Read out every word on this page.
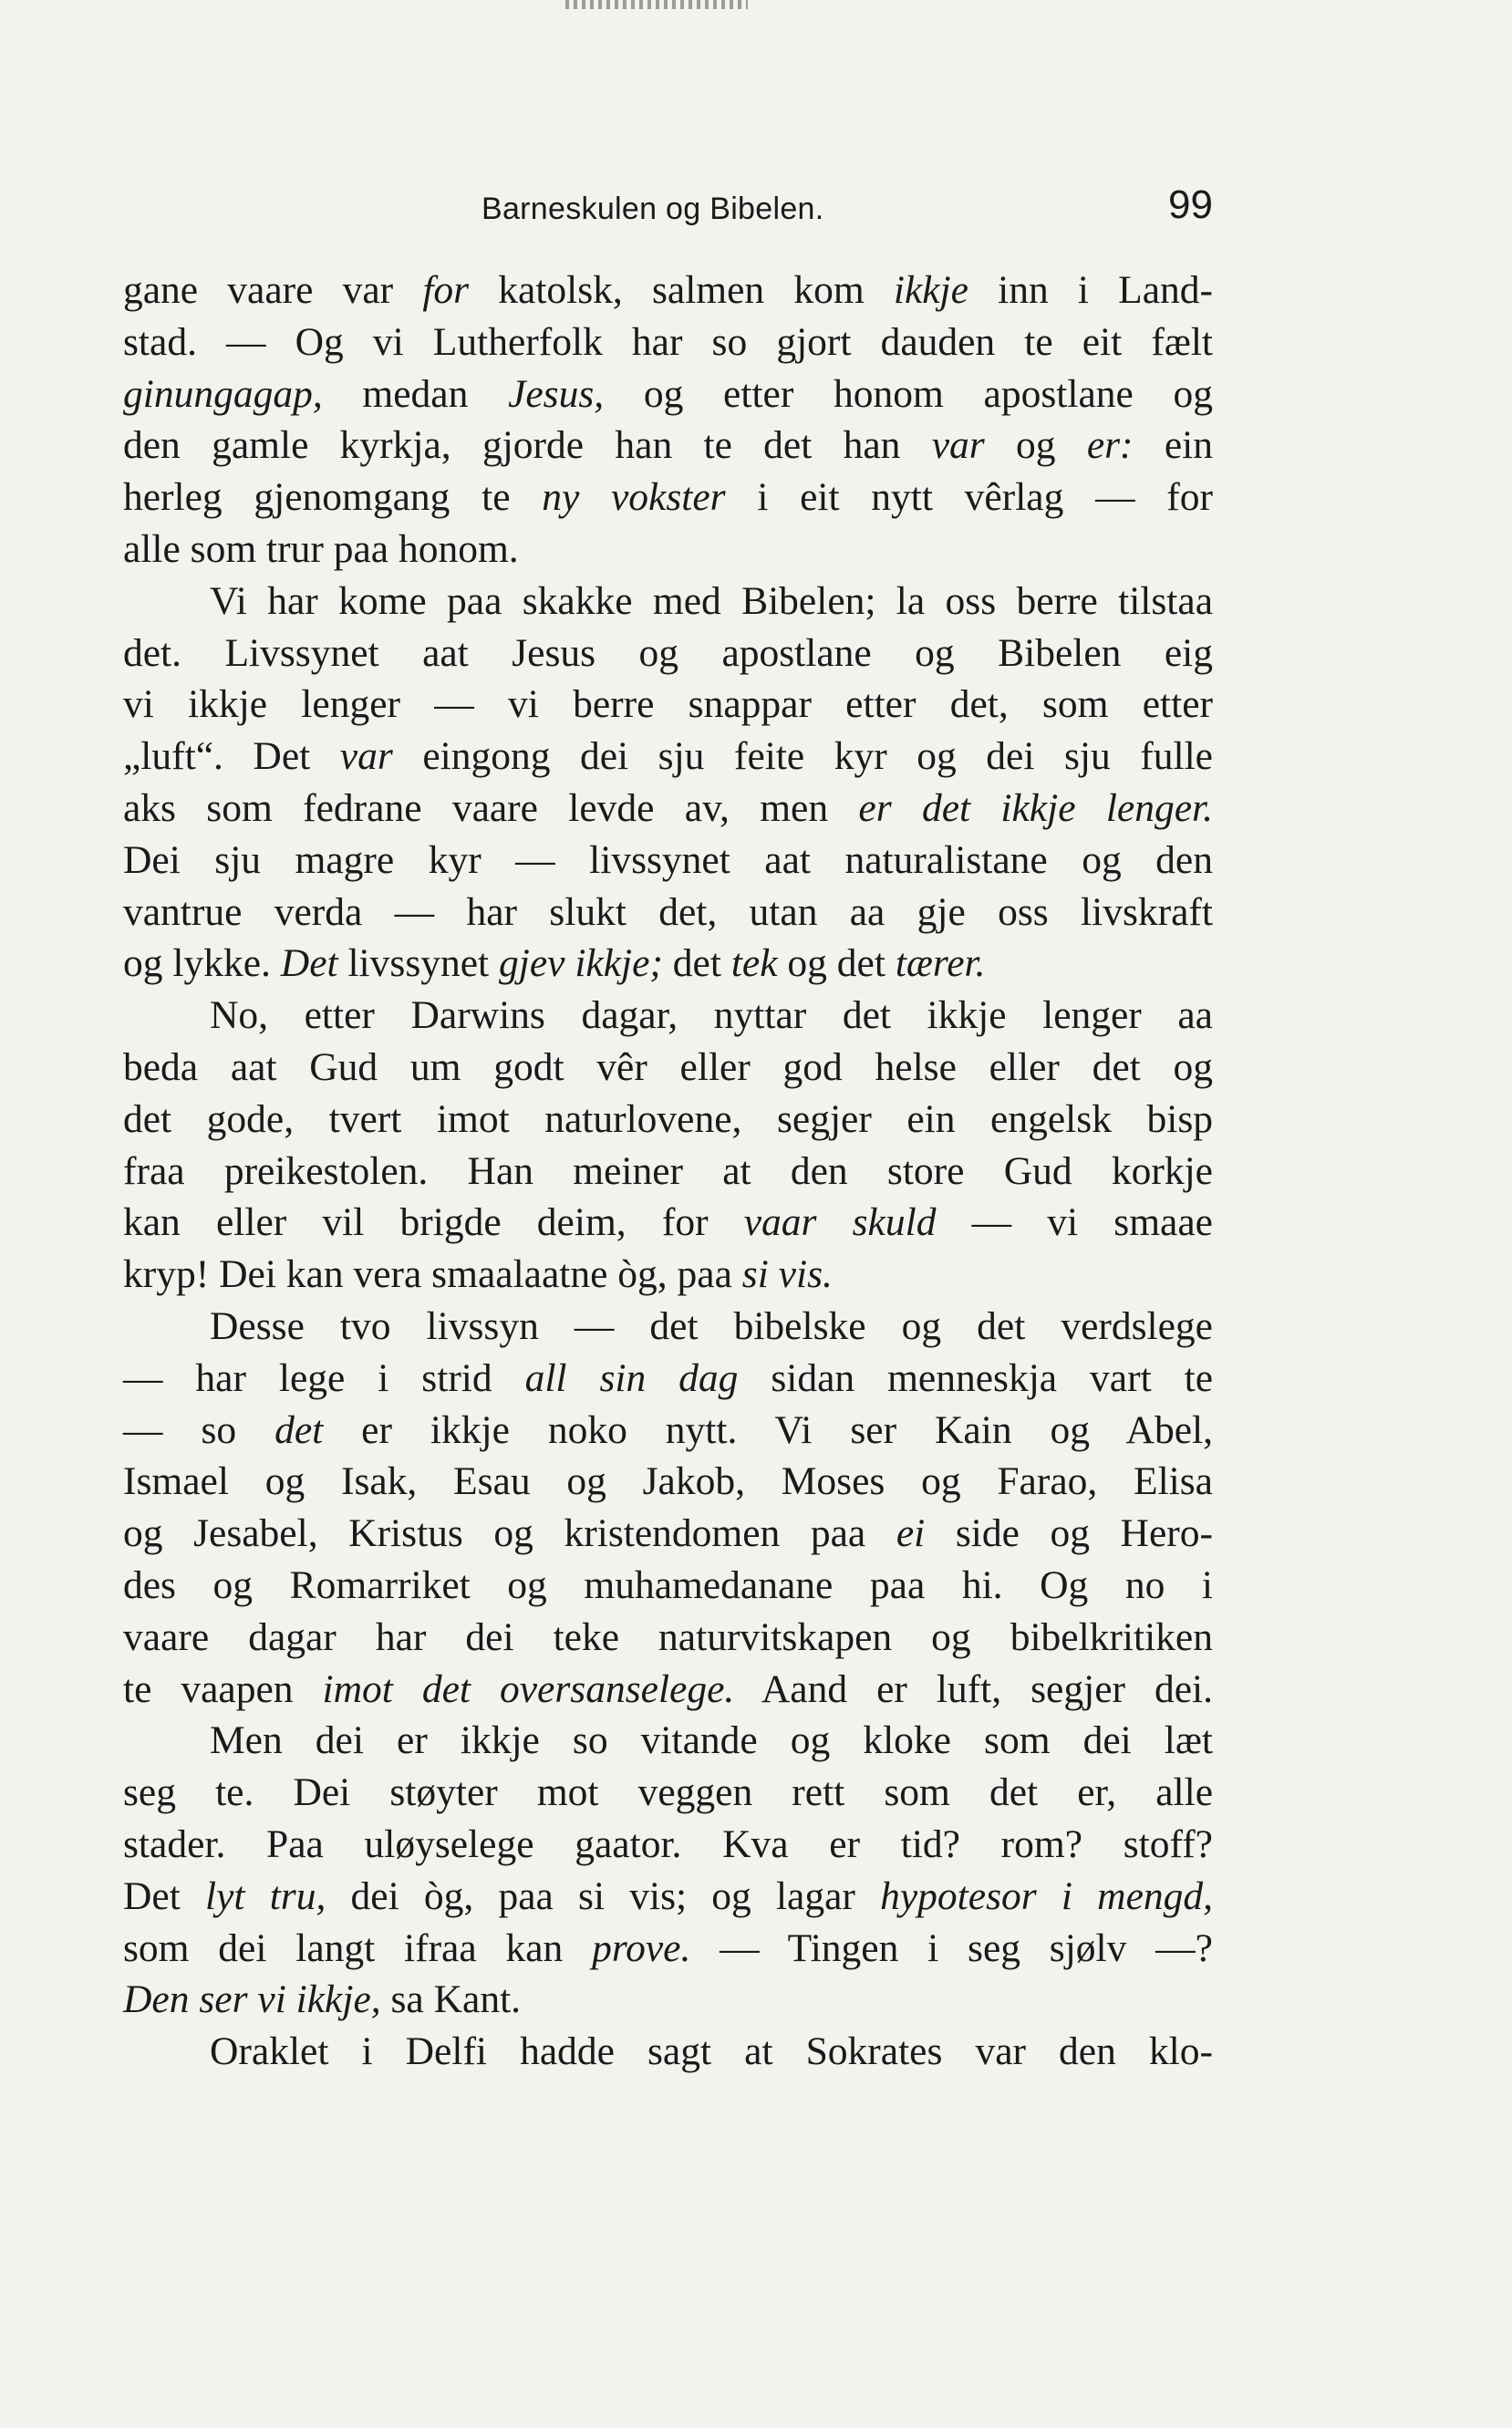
Barneskulen og Bibelen.	99
gane vaare var for katolsk, salmen kom ikkje inn i Land-
stad. — Og vi Lutherfolk har so gjort dauden te eit fælt
ginungagap, medan Jesus, og etter honom apostlane og
den gamle kyrkja, gjorde han te det han var og er: ein
herleg gjenomgang te ny vokster i eit nytt vêrlag — for
alle som trur paa honom.
Vi har kome paa skakke med Bibelen; la oss berre tilstaa
det. Livssynet aat Jesus og apostlane og Bibelen eig
vi ikkje lenger — vi berre snappar etter det, som etter
„luft“. Det var eingong dei sju feite kyr og dei sju fulle
aks som fedrane vaare levde av, men er det ikkje lenger.
Dei sju magre kyr — livssynet aat naturalistane og den
vantrue verda — har slukt det, utan aa gje oss livskraft
og lykke. Det livssynet gjev ikkje; det tek og det tærer.
No, etter Darwins dagar, nyttar det ikkje lenger aa
beda aat Gud um godt vêr eller god helse eller det og
det gode, tvert imot naturlovene, segjer ein engelsk bisp
fraa preikestolen. Han meiner at den store Gud korkje
kan eller vil brigde deim, for vaar skuld — vi smaae
kryp! Dei kan vera smaalaatne òg, paa si vis.
Desse tvo livssyn — det bibelske og det verdslege
— har lege i strid all sin dag sidan menneskja vart te
— so det er ikkje noko nytt. Vi ser Kain og Abel,
Ismael og Isak, Esau og Jakob, Moses og Farao, Elisa
og Jesabel, Kristus og kristendomen paa ei side og Hero-
des og Romarriket og muhamedanane paa hi. Og no i
vaare dagar har dei teke naturvitskapen og bibelkritiken
te vaapen imot det oversanselege. Aand er luft, segjer dei.
Men dei er ikkje so vitande og kloke som dei læt
seg te. Dei støyter mot veggen rett som det er, alle
stader. Paa uløyselege gaator. Kva er tid? rom? stoff?
Det lyt tru, dei òg, paa si vis; og lagar hypotesor i mengd,
som dei langt ifraa kan prove. — Tingen i seg sjølv —?
Den ser vi ikkje, sa Kant.
Oraklet i Delfi hadde sagt at Sokrates var den klo-
